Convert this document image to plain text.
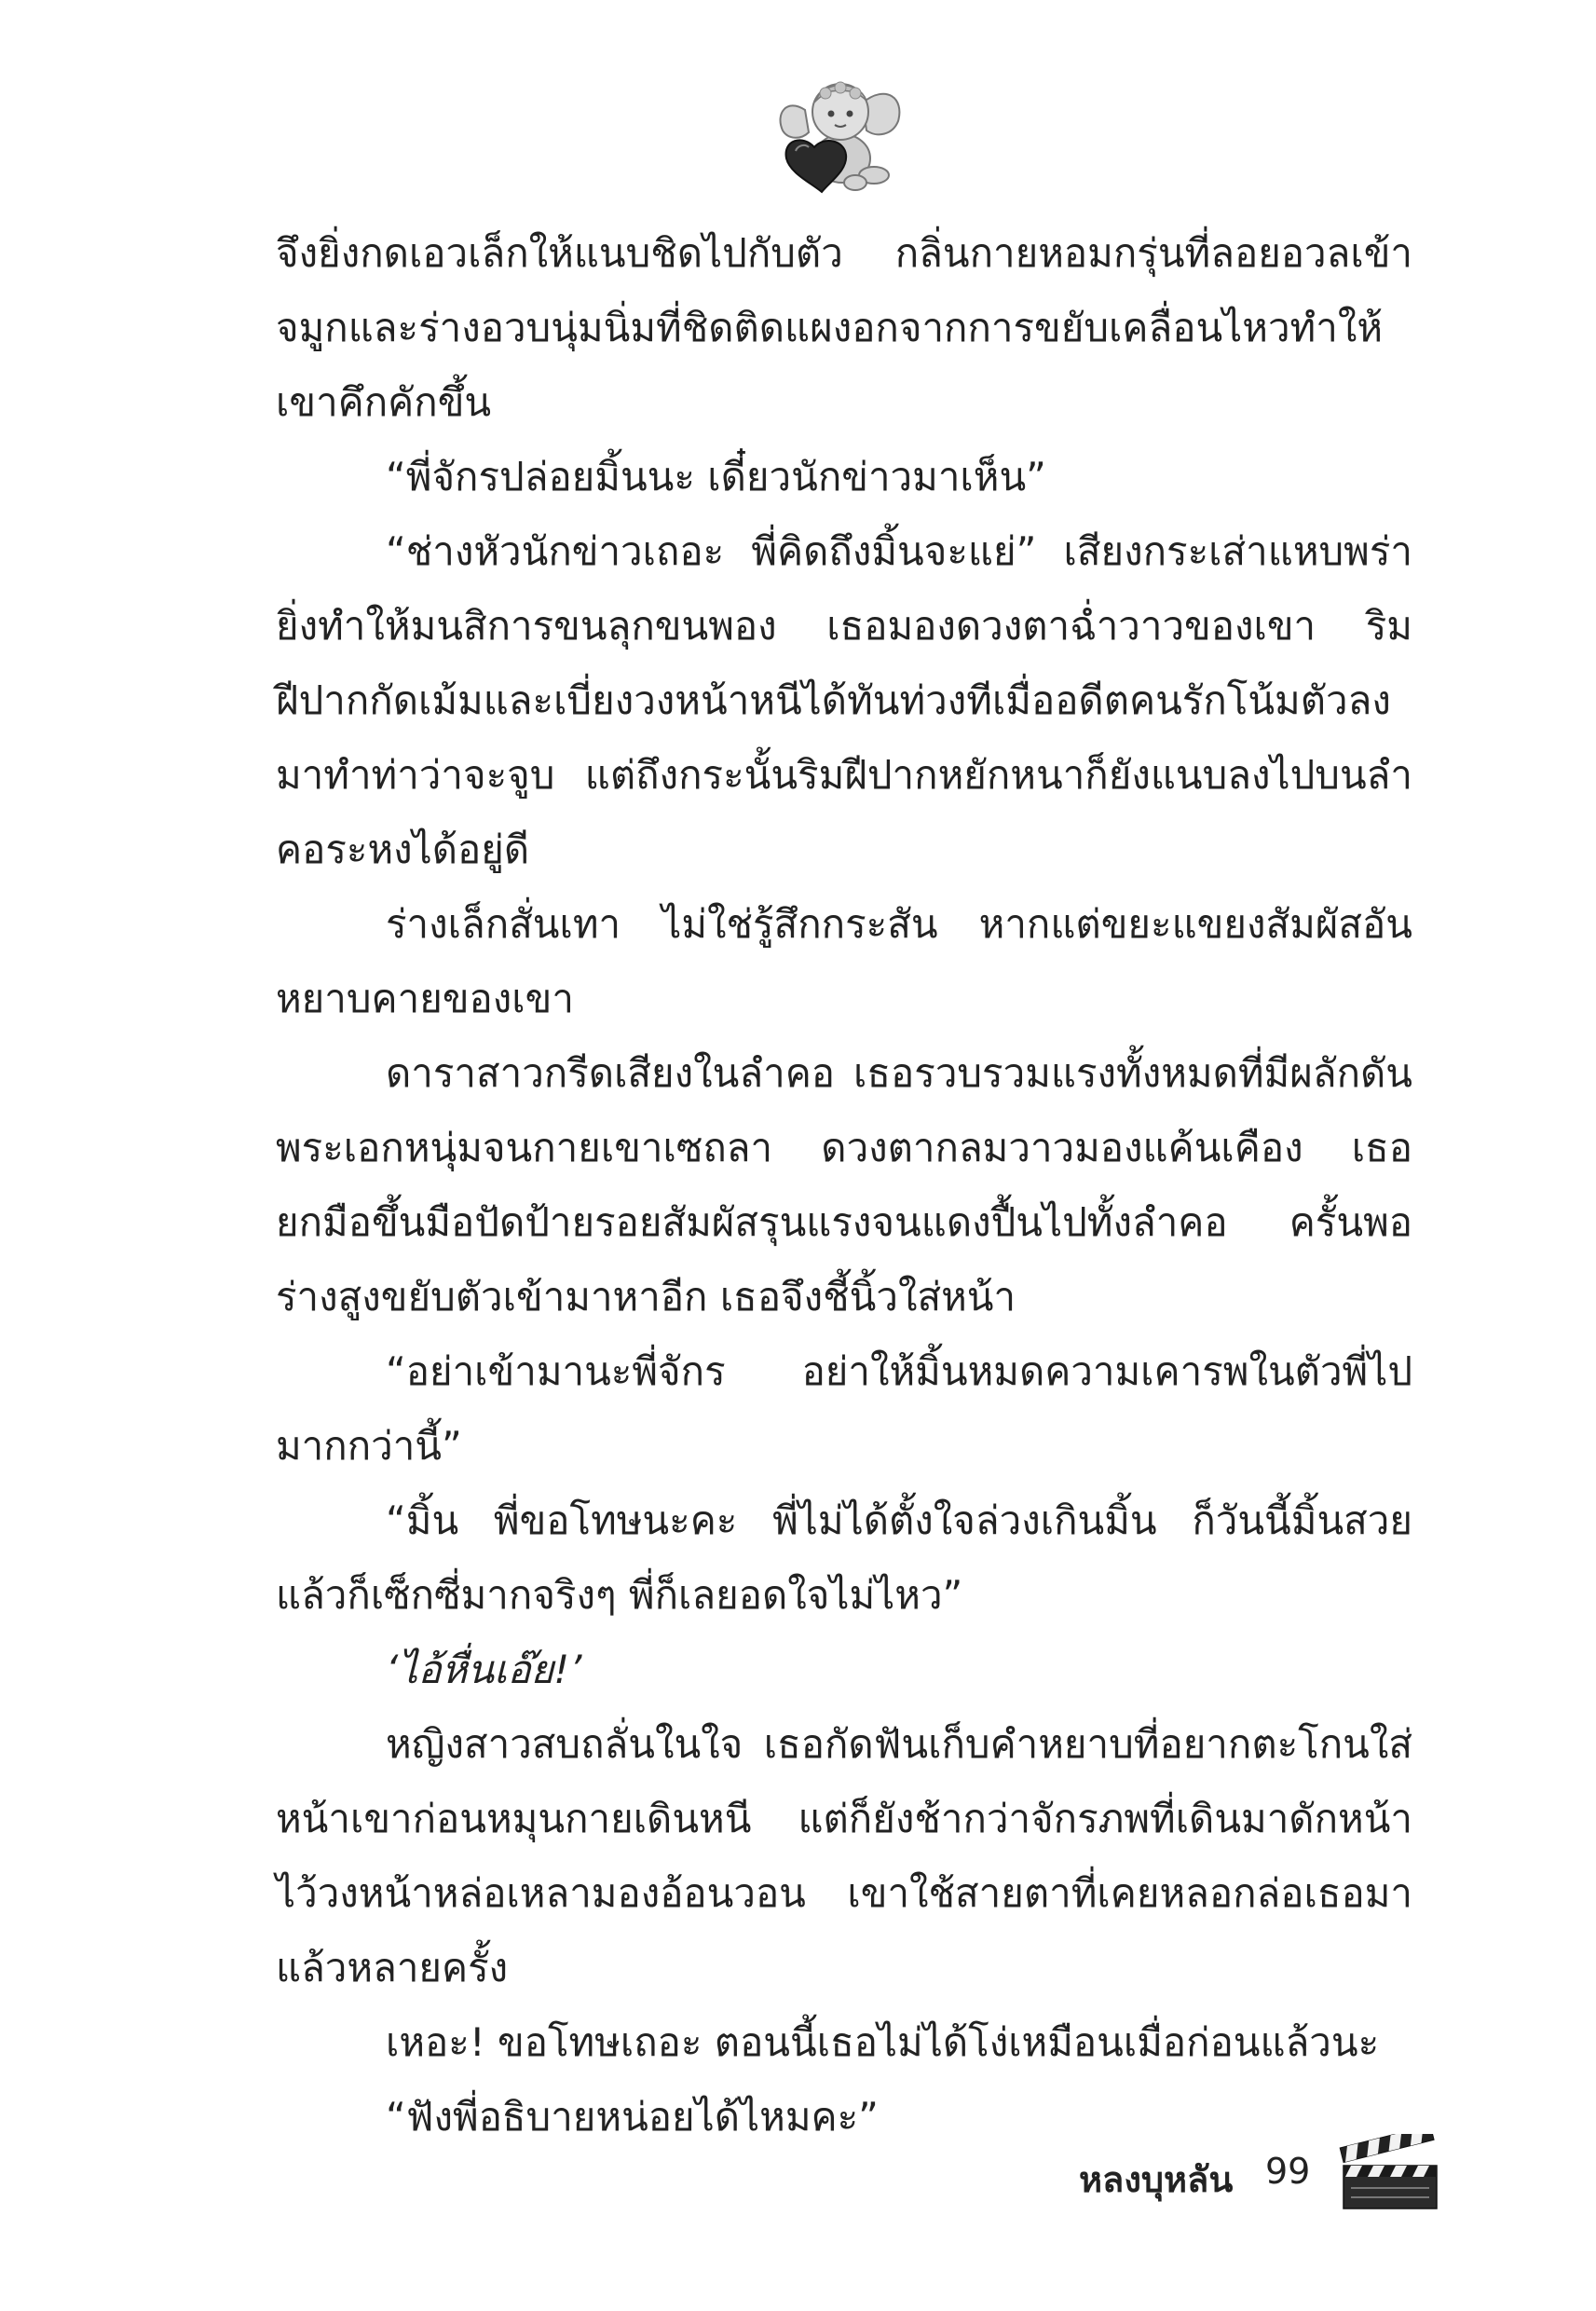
จึงยิ่งกดเอวเล็กให้แนบชิดไปกับตัว กลิ่นกายหอมกรุ่นที่ลอยอวลเข้าจมูกและร่างอวบนุ่มนิ่มที่ชิดติดแผงอกจากการขยับเคลื่อนไหวทำให้เขาคึกคักขึ้น

“พี่จักรปล่อยมิ้นนะ เดี๋ยวนักข่าวมาเห็น”

“ช่างหัวนักข่าวเถอะ พี่คิดถึงมิ้นจะแย่” เสียงกระเส่าแหบพร่ายิ่งทำให้มนสิการขนลุกขนพอง เธอมองดวงตาฉ่ำวาวของเขา ริมฝีปากกัดเม้มและเบี่ยงวงหน้าหนีได้ทันท่วงทีเมื่ออดีตคนรักโน้มตัวลงมาทำท่าว่าจะจูบ แต่ถึงกระนั้นริมฝีปากหยักหนาก็ยังแนบลงไปบนลำคอระหงได้อยู่ดี

ร่างเล็กสั่นเทา ไม่ใช่รู้สึกกระสัน หากแต่ขยะแขยงสัมผัสอันหยาบคายของเขา

ดาราสาวกรีดเสียงในลำคอ เธอรวบรวมแรงทั้งหมดที่มีผลักดันพระเอกหนุ่มจนกายเขาเซถลา ดวงตากลมวาวมองแค้นเคือง เธอยกมือขึ้นมือปัดป้ายรอยสัมผัสรุนแรงจนแดงปื้นไปทั้งลำคอ ครั้นพอร่างสูงขยับตัวเข้ามาหาอีก เธอจึงชี้นิ้วใส่หน้า

“อย่าเข้ามานะพี่จักร อย่าให้มิ้นหมดความเคารพในตัวพี่ไปมากกว่านี้”

“มิ้น พี่ขอโทษนะคะ พี่ไม่ได้ตั้งใจล่วงเกินมิ้น ก็วันนี้มิ้นสวยแล้วก็เซ็กซี่มากจริงๆ พี่ก็เลยอดใจไม่ไหว”

‘ไอ้หื่นเอ๊ย!’

หญิงสาวสบถลั่นในใจ เธอกัดฟันเก็บคำหยาบที่อยากตะโกนใส่หน้าเขาก่อนหมุนกายเดินหนี แต่ก็ยังช้ากว่าจักรภพที่เดินมาดักหน้าไว้วงหน้าหล่อเหลามองอ้อนวอน เขาใช้สายตาที่เคยหลอกล่อเธอมาแล้วหลายครั้ง

เหอะ! ขอโทษเถอะ ตอนนี้เธอไม่ได้โง่เหมือนเมื่อก่อนแล้วนะ

“ฟังพี่อธิบายหน่อยได้ไหมคะ”

หลงบุหลัน 99
